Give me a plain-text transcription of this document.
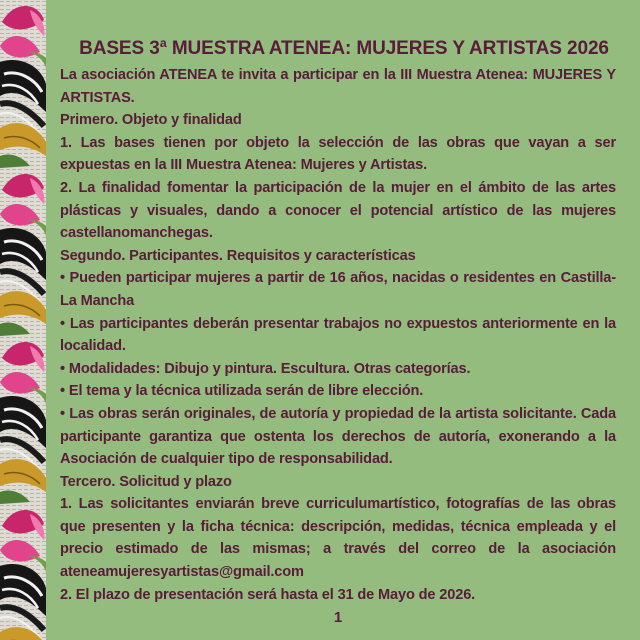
BASES 3ª MUESTRA ATENEA: MUJERES Y ARTISTAS 2026

La asociación ATENEA te invita a participar en la III Muestra Atenea: MUJERES Y ARTISTAS.

Primero. Objeto y finalidad

1. Las bases tienen por objeto la selección de las obras que vayan a ser expuestas en la III Muestra Atenea: Mujeres y Artistas.

2. La finalidad fomentar la participación de la mujer en el ámbito de las artes plásticas y visuales, dando a conocer el potencial artístico de las mujeres castellanomanchegas.

Segundo. Participantes. Requisitos y características

• Pueden participar mujeres a partir de 16 años, nacidas o residentes en Castilla-La Mancha

• Las participantes deberán presentar trabajos no expuestos anteriormente en la localidad.

• Modalidades: Dibujo y pintura. Escultura. Otras categorías.

• El tema y la técnica utilizada serán de libre elección.

• Las obras serán originales, de autoría y propiedad de la artista solicitante. Cada participante garantiza que ostenta los derechos de autoría, exonerando a la Asociación de cualquier tipo de responsabilidad.

Tercero. Solicitud y plazo

1. Las solicitantes enviarán breve curriculumartístico, fotografías de las obras que presenten y la ficha técnica: descripción, medidas, técnica empleada y el precio estimado de las mismas; a través del correo de la asociación ateneamujeresyartistas@gmail.com

2. El plazo de presentación será hasta el 31 de Mayo de 2026.

1
